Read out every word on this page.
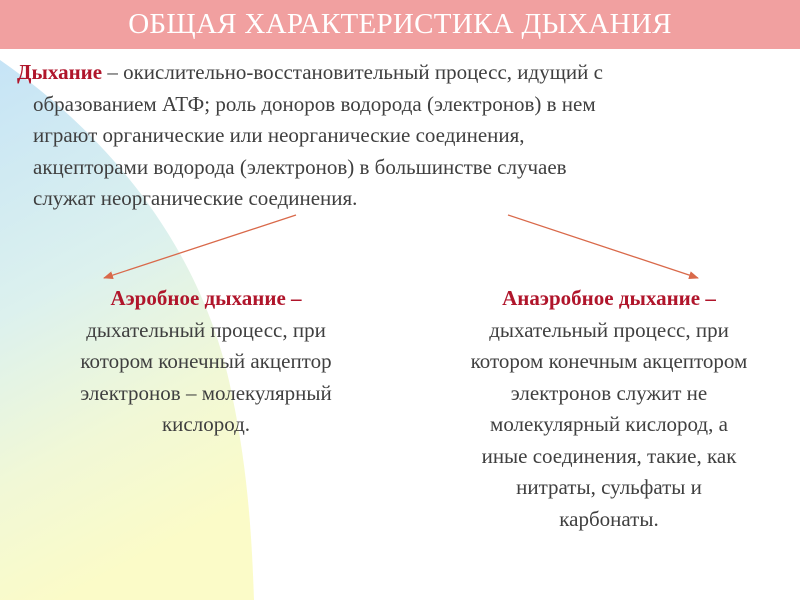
ОБЩАЯ ХАРАКТЕРИСТИКА ДЫХАНИЯ
Дыхание – окислительно-восстановительный процесс, идущий с
образованием АТФ; роль доноров водорода (электронов) в нем
играют органические или неорганические соединения,
акцепторами водорода (электронов) в большинстве случаев
служат неорганические соединения.
Аэробное дыхание –
дыхательный процесс, при
котором конечный акцептор
электронов – молекулярный
кислород.
Анаэробное дыхание –
дыхательный процесс, при
котором конечным акцептором
электронов служит не
молекулярный кислород, а
иные соединения, такие, как
нитраты, сульфаты и
карбонаты.
